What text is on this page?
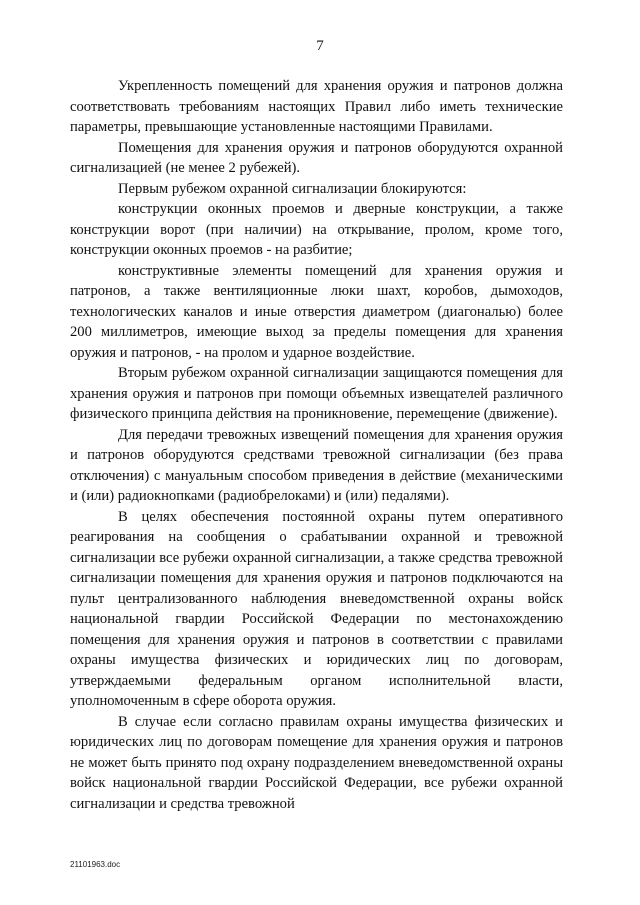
7

Укрепленность помещений для хранения оружия и патронов должна соответствовать требованиям настоящих Правил либо иметь технические параметры, превышающие установленные настоящими Правилами.

Помещения для хранения оружия и патронов оборудуются охранной сигнализацией (не менее 2 рубежей).

Первым рубежом охранной сигнализации блокируются:

конструкции оконных проемов и дверные конструкции, а также конструкции ворот (при наличии) на открывание, пролом, кроме того, конструкции оконных проемов - на разбитие;

конструктивные элементы помещений для хранения оружия и патронов, а также вентиляционные люки шахт, коробов, дымоходов, технологических каналов и иные отверстия диаметром (диагональю) более 200 миллиметров, имеющие выход за пределы помещения для хранения оружия и патронов, - на пролом и ударное воздействие.

Вторым рубежом охранной сигнализации защищаются помещения для хранения оружия и патронов при помощи объемных извещателей различного физического принципа действия на проникновение, перемещение (движение).

Для передачи тревожных извещений помещения для хранения оружия и патронов оборудуются средствами тревожной сигнализации (без права отключения) с мануальным способом приведения в действие (механическими и (или) радиокнопками (радиобрелоками) и (или) педалями).

В целях обеспечения постоянной охраны путем оперативного реагирования на сообщения о срабатывании охранной и тревожной сигнализации все рубежи охранной сигнализации, а также средства тревожной сигнализации помещения для хранения оружия и патронов подключаются на пульт централизованного наблюдения вневедомственной охраны войск национальной гвардии Российской Федерации по местонахождению помещения для хранения оружия и патронов в соответствии с правилами охраны имущества физических и юридических лиц по договорам, утверждаемыми федеральным органом исполнительной власти, уполномоченным в сфере оборота оружия.

В случае если согласно правилам охраны имущества физических и юридических лиц по договорам помещение для хранения оружия и патронов не может быть принято под охрану подразделением вневедомственной охраны войск национальной гвардии Российской Федерации, все рубежи охранной сигнализации и средства тревожной

21101963.doc
